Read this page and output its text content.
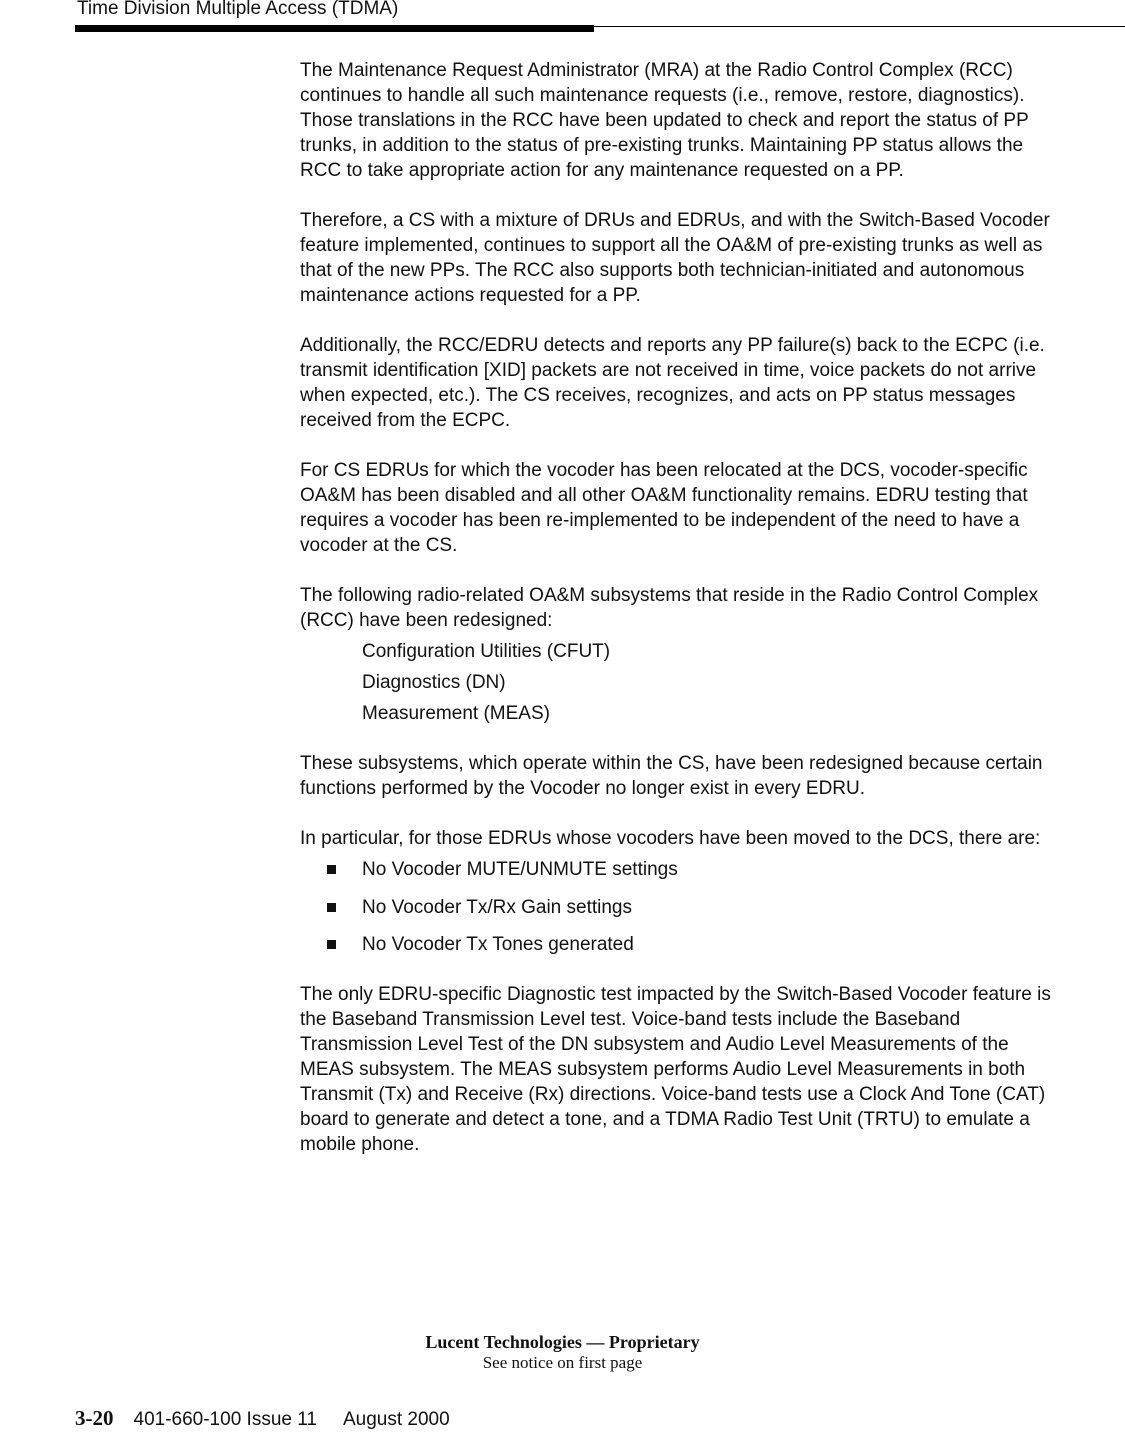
Time Division Multiple Access (TDMA)

The Maintenance Request Administrator (MRA) at the Radio Control Complex (RCC) continues to handle all such maintenance requests (i.e., remove, restore, diagnostics). Those translations in the RCC have been updated to check and report the status of PP trunks, in addition to the status of pre-existing trunks. Maintaining PP status allows the RCC to take appropriate action for any maintenance requested on a PP.

Therefore, a CS with a mixture of DRUs and EDRUs, and with the Switch-Based Vocoder feature implemented, continues to support all the OA&M of pre-existing trunks as well as that of the new PPs. The RCC also supports both technician-initiated and autonomous maintenance actions requested for a PP.

Additionally, the RCC/EDRU detects and reports any PP failure(s) back to the ECPC (i.e. transmit identification [XID] packets are not received in time, voice packets do not arrive when expected, etc.). The CS receives, recognizes, and acts on PP status messages received from the ECPC.

For CS EDRUs for which the vocoder has been relocated at the DCS, vocoder-specific OA&M has been disabled and all other OA&M functionality remains. EDRU testing that requires a vocoder has been re-implemented to be independent of the need to have a vocoder at the CS.

The following radio-related OA&M subsystems that reside in the Radio Control Complex (RCC) have been redesigned:

Configuration Utilities (CFUT)
Diagnostics (DN)
Measurement (MEAS)

These subsystems, which operate within the CS, have been redesigned because certain functions performed by the Vocoder no longer exist in every EDRU.

In particular, for those EDRUs whose vocoders have been moved to the DCS, there are:

No Vocoder MUTE/UNMUTE settings
No Vocoder Tx/Rx Gain settings
No Vocoder Tx Tones generated

The only EDRU-specific Diagnostic test impacted by the Switch-Based Vocoder feature is the Baseband Transmission Level test. Voice-band tests include the Baseband Transmission Level Test of the DN subsystem and Audio Level Measurements of the MEAS subsystem. The MEAS subsystem performs Audio Level Measurements in both Transmit (Tx) and Receive (Rx) directions. Voice-band tests use a Clock And Tone (CAT) board to generate and detect a tone, and a TDMA Radio Test Unit (TRTU) to emulate a mobile phone.

Lucent Technologies — Proprietary
See notice on first page
3-20 401-660-100 Issue 11 August 2000
